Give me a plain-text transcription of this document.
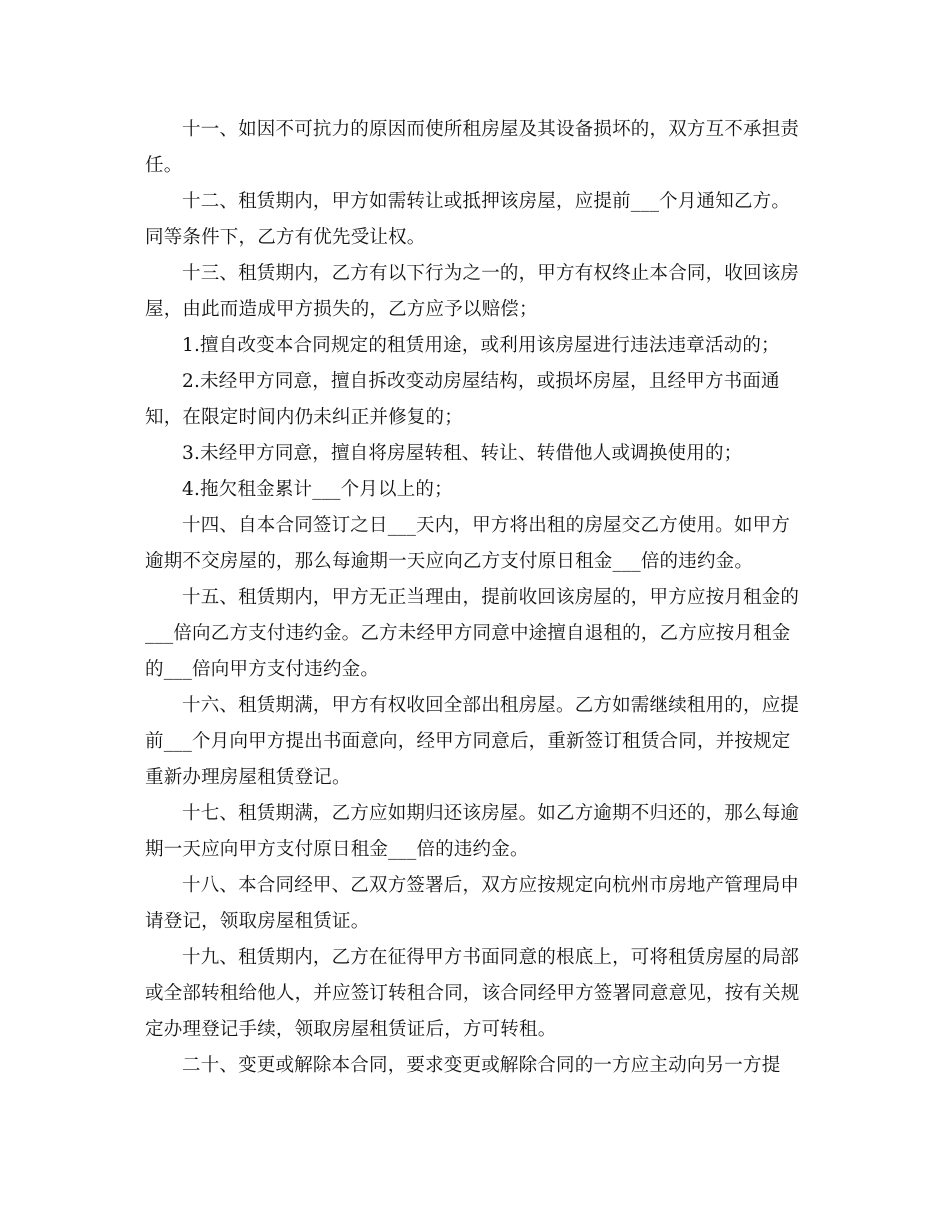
十一、如因不可抗力的原因而使所租房屋及其设备损坏的，双方互不承担责
任。
十二、租赁期内，甲方如需转让或抵押该房屋，应提前___个月通知乙方。
同等条件下，乙方有优先受让权。
十三、租赁期内，乙方有以下行为之一的，甲方有权终止本合同，收回该房
屋，由此而造成甲方损失的，乙方应予以赔偿；
1.擅自改变本合同规定的租赁用途，或利用该房屋进行违法违章活动的；
2.未经甲方同意，擅自拆改变动房屋结构，或损坏房屋，且经甲方书面通
知，在限定时间内仍未纠正并修复的；
3.未经甲方同意，擅自将房屋转租、转让、转借他人或调换使用的；
4.拖欠租金累计___个月以上的；
十四、自本合同签订之日___天内，甲方将出租的房屋交乙方使用。如甲方
逾期不交房屋的，那么每逾期一天应向乙方支付原日租金___倍的违约金。
十五、租赁期内，甲方无正当理由，提前收回该房屋的，甲方应按月租金的
___倍向乙方支付违约金。乙方未经甲方同意中途擅自退租的，乙方应按月租金
的___倍向甲方支付违约金。
十六、租赁期满，甲方有权收回全部出租房屋。乙方如需继续租用的，应提
前___个月向甲方提出书面意向，经甲方同意后，重新签订租赁合同，并按规定
重新办理房屋租赁登记。
十七、租赁期满，乙方应如期归还该房屋。如乙方逾期不归还的，那么每逾
期一天应向甲方支付原日租金___倍的违约金。
十八、本合同经甲、乙双方签署后，双方应按规定向杭州市房地产管理局申
请登记，领取房屋租赁证。
十九、租赁期内，乙方在征得甲方书面同意的根底上，可将租赁房屋的局部
或全部转租给他人，并应签订转租合同，该合同经甲方签署同意意见，按有关规
定办理登记手续，领取房屋租赁证后，方可转租。
二十、变更或解除本合同，要求变更或解除合同的一方应主动向另一方提
